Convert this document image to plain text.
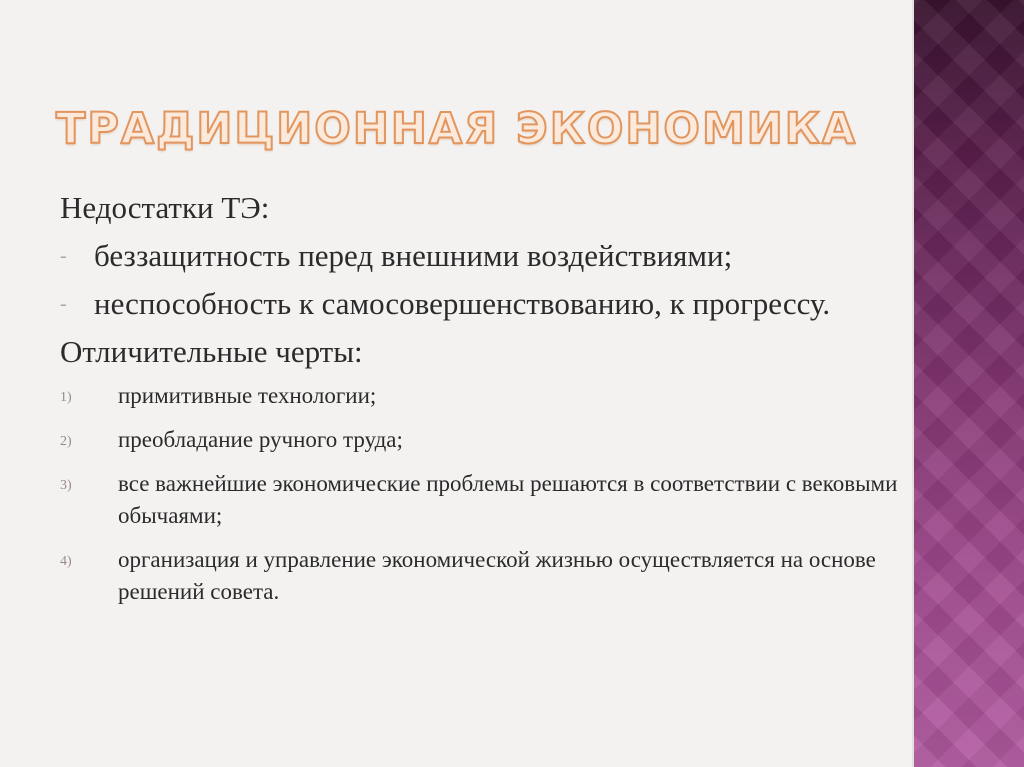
ТРАДИЦИОННАЯ ЭКОНОМИКА
Недостатки ТЭ:
- беззащитность перед внешними воздействиями;
- неспособность к самосовершенствованию, к прогрессу.
Отличительные черты:
1) примитивные технологии;
2) преобладание ручного труда;
3) все важнейшие экономические проблемы решаются в соответствии с вековыми обычаями;
4) организация и управление экономической жизнью осуществляется на основе решений совета.
